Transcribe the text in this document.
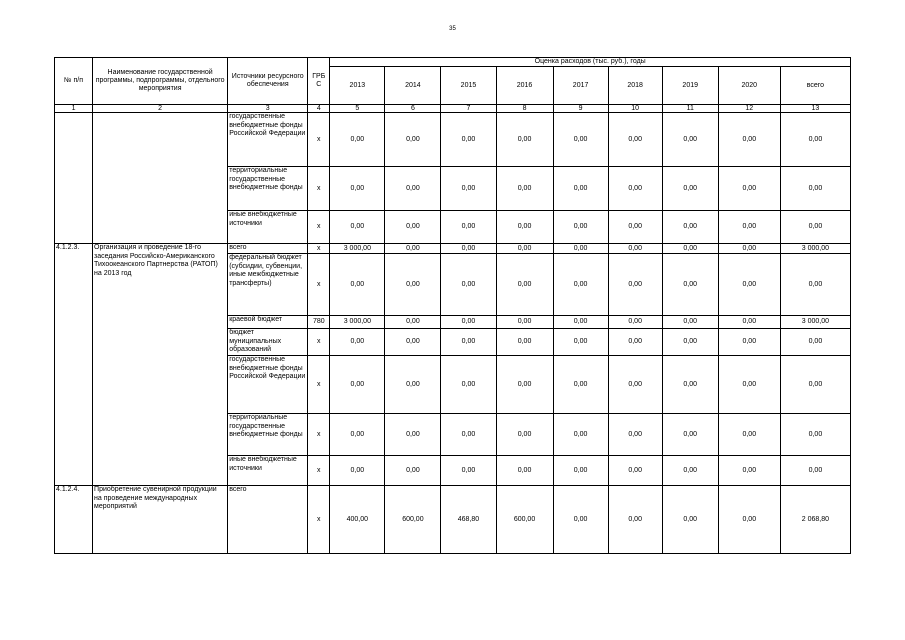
35
№ п/п	Наименование государственной программы, подпрограммы, отдельного мероприятия	Источники ресурсного обеспечения	ГРБ С	Оценка расходов (тыс. руб.), годы								
				2013	2014	2015	2016	2017	2018	2019	2020	всего
1	2	3	4	5	6	7	8	9	10	11	12	13
		государственные внебюджетные фонды Российской Федерации	x	0,00	0,00	0,00	0,00	0,00	0,00	0,00	0,00	0,00
		территориальные государственные внебюджетные фонды	x	0,00	0,00	0,00	0,00	0,00	0,00	0,00	0,00	0,00
		иные внебюджетные источники	x	0,00	0,00	0,00	0,00	0,00	0,00	0,00	0,00	0,00
4.1.2.3.	Организация и проведение 18-го заседания Российско-Американского Тихоокеанского Партнерства (РАТОП) на 2013 год	всего	x	3 000,00	0,00	0,00	0,00	0,00	0,00	0,00	0,00	3 000,00
		федеральный бюджет (субсидии, субвенции, иные межбюджетные трансферты)	x	0,00	0,00	0,00	0,00	0,00	0,00	0,00	0,00	0,00
		краевой бюджет	780	3 000,00	0,00	0,00	0,00	0,00	0,00	0,00	0,00	3 000,00
		бюджет муниципальных образований	x	0,00	0,00	0,00	0,00	0,00	0,00	0,00	0,00	0,00
		государственные внебюджетные фонды Российской Федерации	x	0,00	0,00	0,00	0,00	0,00	0,00	0,00	0,00	0,00
		территориальные государственные внебюджетные фонды	x	0,00	0,00	0,00	0,00	0,00	0,00	0,00	0,00	0,00
		иные внебюджетные источники	x	0,00	0,00	0,00	0,00	0,00	0,00	0,00	0,00	0,00
4.1.2.4.	Приобретение сувенирной продукции на проведение международных мероприятий	всего	x	400,00	600,00	468,80	600,00	0,00	0,00	0,00	0,00	2 068,80
